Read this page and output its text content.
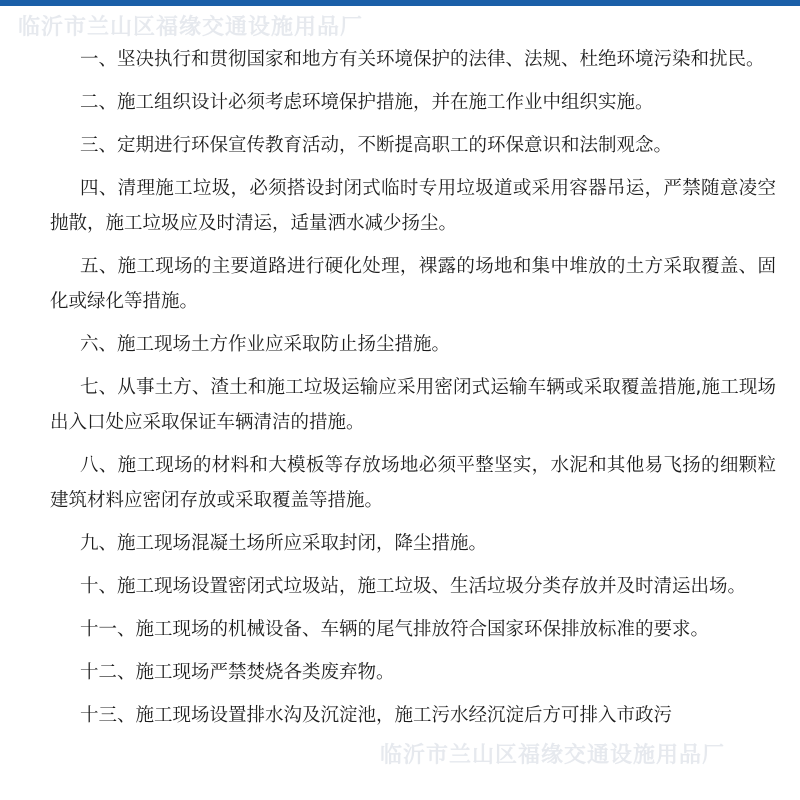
临沂市兰山区福缘交通设施用品厂

一、坚决执行和贯彻国家和地方有关环境保护的法律、法规、杜绝环境污染和扰民。

二、施工组织设计必须考虑环境保护措施，并在施工作业中组织实施。

三、定期进行环保宣传教育活动，不断提高职工的环保意识和法制观念。

四、清理施工垃圾，必须搭设封闭式临时专用垃圾道或采用容器吊运，严禁随意凌空抛散，施工垃圾应及时清运，适量洒水减少扬尘。

五、施工现场的主要道路进行硬化处理，裸露的场地和集中堆放的土方采取覆盖、固化或绿化等措施。

六、施工现场土方作业应采取防止扬尘措施。

七、从事土方、渣土和施工垃圾运输应采用密闭式运输车辆或采取覆盖措施,施工现场出入口处应采取保证车辆清洁的措施。

八、施工现场的材料和大模板等存放场地必须平整坚实，水泥和其他易飞扬的细颗粒建筑材料应密闭存放或采取覆盖等措施。

九、施工现场混凝土场所应采取封闭，降尘措施。

十、施工现场设置密闭式垃圾站，施工垃圾、生活垃圾分类存放并及时清运出场。

十一、施工现场的机械设备、车辆的尾气排放符合国家环保排放标准的要求。

十二、施工现场严禁焚烧各类废弃物。

十三、施工现场设置排水沟及沉淀池，施工污水经沉淀后方可排入市政污

临沂市兰山区福缘交通设施用品厂
